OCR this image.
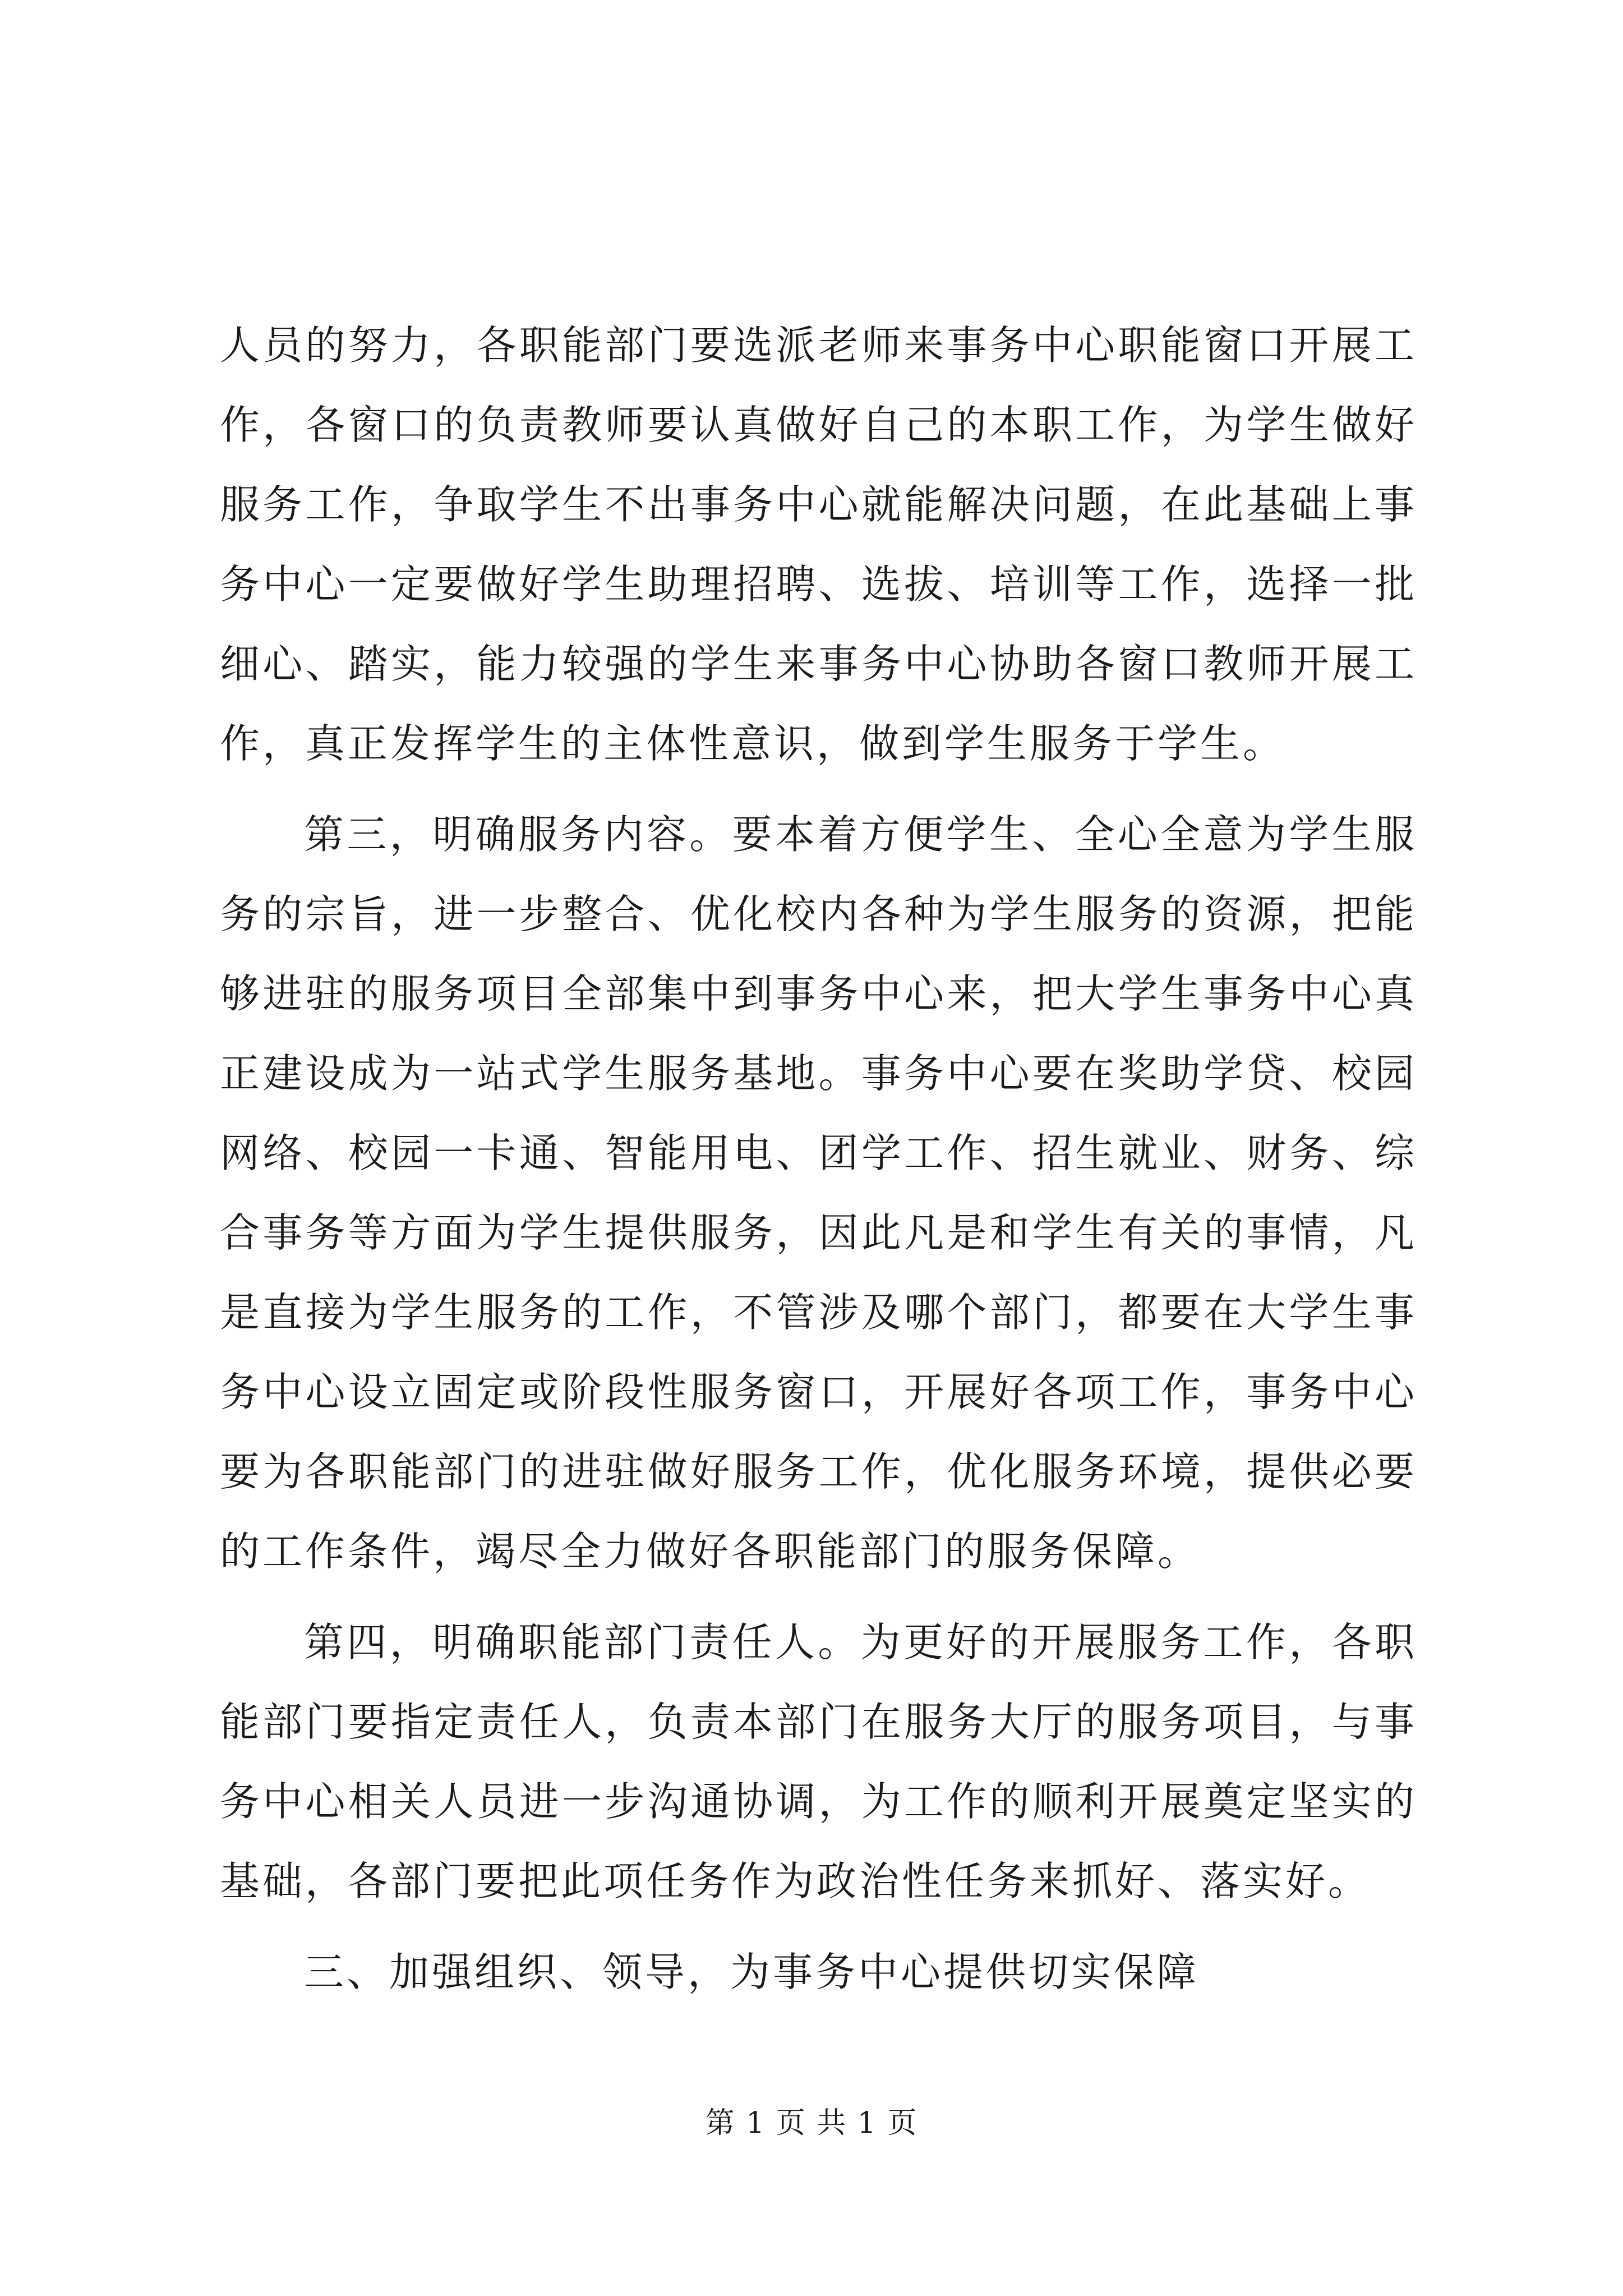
人员的努力，各职能部门要选派老师来事务中心职能窗口开展工作，各窗口的负责教师要认真做好自己的本职工作，为学生做好服务工作，争取学生不出事务中心就能解决问题，在此基础上事务中心一定要做好学生助理招聘、选拔、培训等工作，选择一批细心、踏实，能力较强的学生来事务中心协助各窗口教师开展工作，真正发挥学生的主体性意识，做到学生服务于学生。

第三，明确服务内容。要本着方便学生、全心全意为学生服务的宗旨，进一步整合、优化校内各种为学生服务的资源，把能够进驻的服务项目全部集中到事务中心来，把大学生事务中心真正建设成为一站式学生服务基地。事务中心要在奖助学贷、校园网络、校园一卡通、智能用电、团学工作、招生就业、财务、综合事务等方面为学生提供服务，因此凡是和学生有关的事情，凡是直接为学生服务的工作，不管涉及哪个部门，都要在大学生事务中心设立固定或阶段性服务窗口，开展好各项工作，事务中心要为各职能部门的进驻做好服务工作，优化服务环境，提供必要的工作条件，竭尽全力做好各职能部门的服务保障。

第四，明确职能部门责任人。为更好的开展服务工作，各职能部门要指定责任人，负责本部门在服务大厅的服务项目，与事务中心相关人员进一步沟通协调，为工作的顺利开展奠定坚实的基础，各部门要把此项任务作为政治性任务来抓好、落实好。

三、加强组织、领导，为事务中心提供切实保障

第 1 页 共 1 页
